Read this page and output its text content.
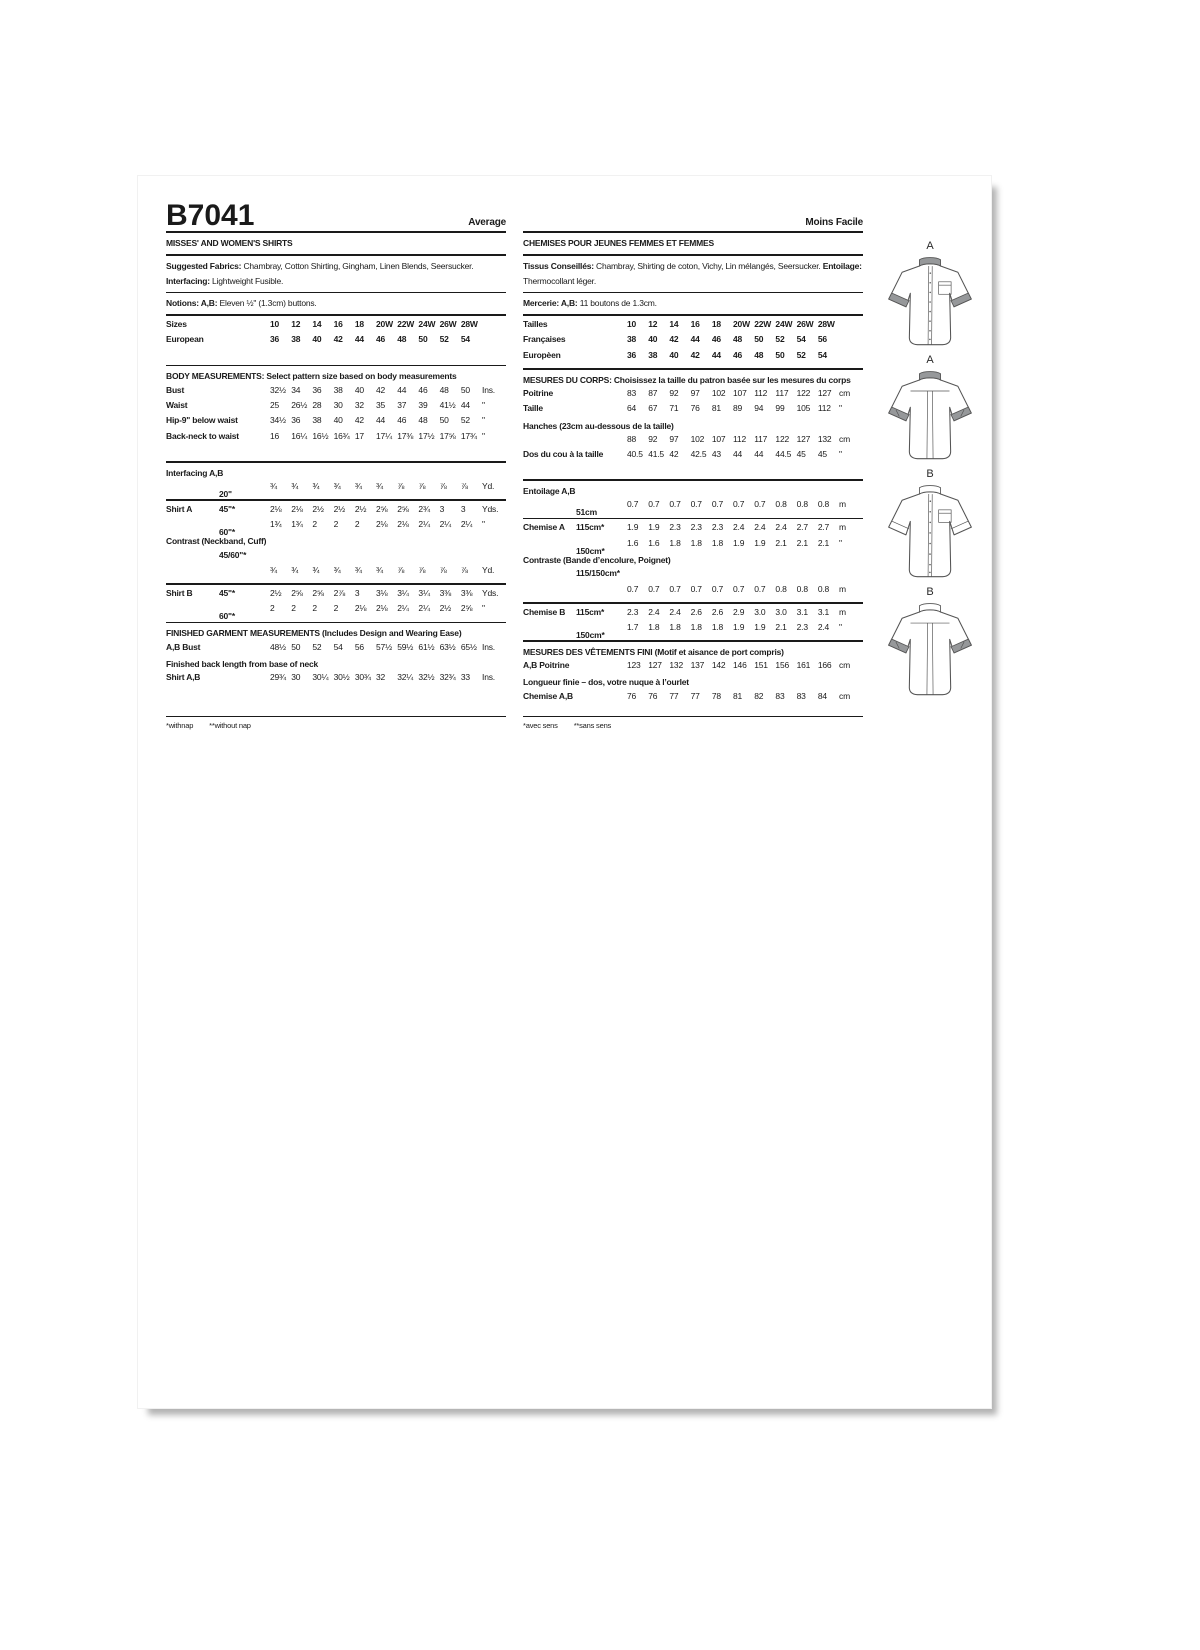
B7041	Average
MISSES' AND WOMEN'S SHIRTS
Suggested Fabrics: Chambray, Cotton Shirting, Gingham, Linen Blends, Seersucker.
Interfacing: Lightweight Fusible.
Notions: A,B: Eleven ½" (1.3cm) buttons.
Sizes	10	12	14	16	18	20W 22W 24W 26W 28W
European	36	38	40	42	44	46	48	50	52	54
BODY MEASUREMENTS: Select pattern size based on body measurements
Bust	32½ 34	36	38	40	42	44	46	48	50	Ins.
Waist	25	26½ 28	30	32	35	37	39	41½ 44	"
Hip-9" below waist	34½ 36	38	40	42	44	46	48	50	52	"
Back-neck to waist	16	16¼ 16½ 16¾ 17	17¼ 17⅜ 17½ 17⅝ 17¾ "
Interfacing A,B
20"
¾	¾	¾	¾	¾	¾	⅞	⅞	⅞	⅞	Yd.
Shirt A	45"*	2⅛	2⅛	2½	2½	2½	2⅝	2⅝	2¾	3	3	Yds.
60"*
1¾	1¾	2	2	2	2⅛	2⅛	2¼	2¼	2¼	"
Contrast (Neckband, Cuff)
45/60"*
¾	¾	¾	¾	¾	¾	⅞	⅞	⅞	⅞	Yd.
Shirt B	45"*	2½	2⅝	2⅝	2⅞	3	3⅛	3¼	3¼	3⅜	3⅜	Yds.
60"*
2	2	2	2	2⅛	2⅛	2¼	2¼	2½	2⅝	"
FINISHED GARMENT MEASUREMENTS (Includes Design and Wearing Ease)
A,B Bust	48½ 50	52	54	56	57½ 59½ 61½ 63½ 65½ Ins.
Finished back length from base of neck
Shirt A,B	29¾ 30	30¼ 30½ 30¾ 32	32¼ 32½ 32¾ 33	Ins.
*withnap **without nap
Moins Facile
CHEMISES POUR JEUNES FEMMES ET FEMMES
Tissus Conseillés: Chambray, Shirting de coton, Vichy, Lin mélangés, Seersucker. Entoilage: Thermocollant léger.
Mercerie: A,B: 11 boutons de 1.3cm.
Tailles	10	12	14	16	18	20W 22W 24W 26W 28W
Françaises	38	40	42	44	46	48	50	52	54	56
Europèen	36	38	40	42	44	46	48	50	52	54
MESURES DU CORPS: Choisissez la taille du patron basée sur les mesures du corps
Poitrine	83	87	92	97	102 107 112 117 122 127 cm
Taille	64	67	71	76	81	89	94	99	105 112 "
Hanches (23cm au-dessous de la taille)
88	92	97	102 107 112 117 122 127 132 cm
Dos du cou à la taille	40.5 41.5 42	42.5 43	44	44	44.5 45	45	"
Entoilage A,B
51cm
0.7	0.7	0.7	0.7	0.7	0.7	0.7	0.8	0.8	0.8	m
Chemise A 115cm*	1.9	1.9	2.3	2.3	2.3	2.4	2.4	2.4	2.7	2.7	m
150cm*
1.6	1.6	1.8	1.8	1.8	1.9	1.9	2.1	2.1	2.1	"
Contraste (Bande d’encolure, Poignet)
115/150cm*
0.7	0.7	0.7	0.7	0.7	0.7	0.7	0.8	0.8	0.8	m
Chemise B 115cm*	2.3	2.4	2.4	2.6	2.6	2.9	3.0	3.0	3.1	3.1	m
150cm*
1.7	1.8	1.8	1.8	1.8	1.9	1.9	2.1	2.3	2.4	"
MESURES DES VÊTEMENTS FINI (Motif et aisance de port compris)
A,B Poitrine	123 127 132 137 142 146 151 156 161 166 cm
Longueur finie – dos, votre nuque à l’ourlet
Chemise A,B	76	76	77	77	78	81	82	83	83	84	cm
*avec sens **sans sens
A
A
B
B
